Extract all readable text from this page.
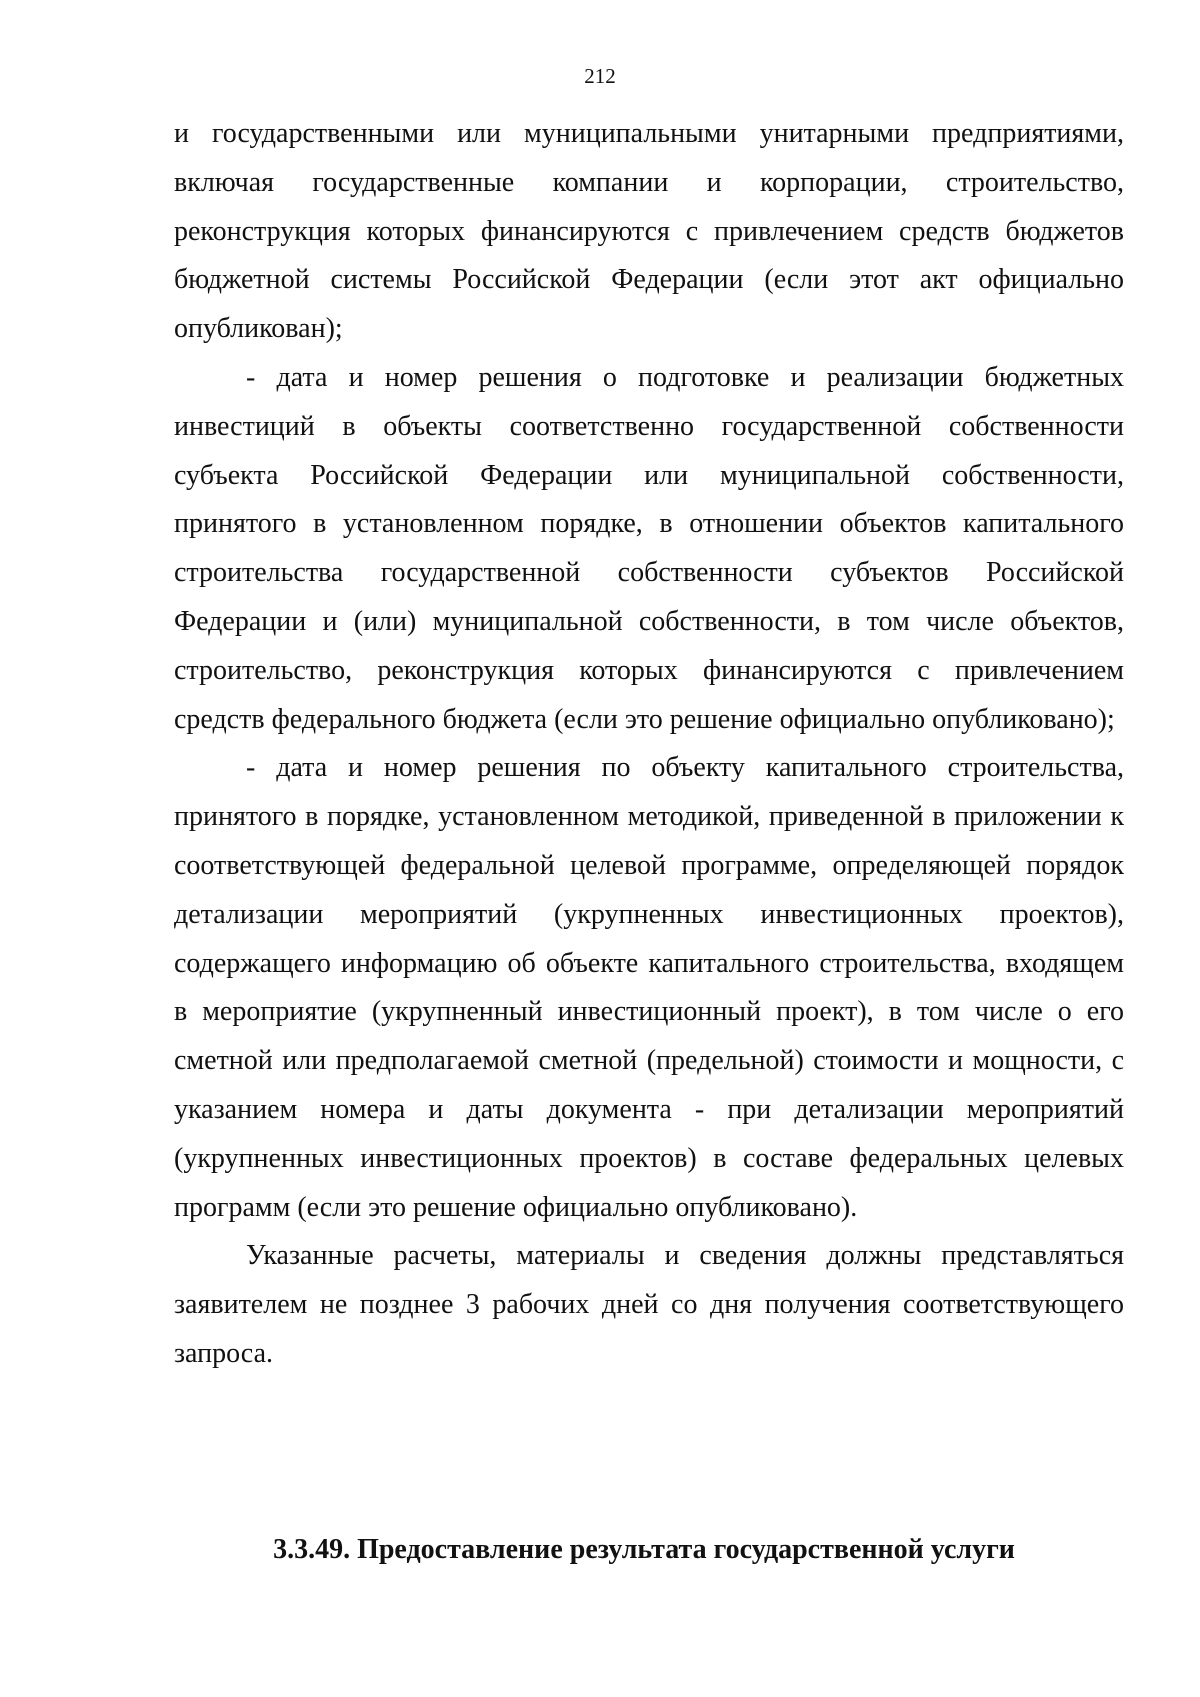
212

и государственными или муниципальными унитарными предприятиями, включая государственные компании и корпорации, строительство, реконструкция которых финансируются с привлечением средств бюджетов бюджетной системы Российской Федерации (если этот акт официально опубликован);

- дата и номер решения о подготовке и реализации бюджетных инвестиций в объекты соответственно государственной собственности субъекта Российской Федерации или муниципальной собственности, принятого в установленном порядке, в отношении объектов капитального строительства государственной собственности субъектов Российской Федерации и (или) муниципальной собственности, в том числе объектов, строительство, реконструкция которых финансируются с привлечением средств федерального бюджета (если это решение официально опубликовано);

- дата и номер решения по объекту капитального строительства, принятого в порядке, установленном методикой, приведенной в приложении к соответствующей федеральной целевой программе, определяющей порядок детализации мероприятий (укрупненных инвестиционных проектов), содержащего информацию об объекте капитального строительства, входящем в мероприятие (укрупненный инвестиционный проект), в том числе о его сметной или предполагаемой сметной (предельной) стоимости и мощности, с указанием номера и даты документа - при детализации мероприятий (укрупненных инвестиционных проектов) в составе федеральных целевых программ (если это решение официально опубликовано).

Указанные расчеты, материалы и сведения должны представляться заявителем не позднее 3 рабочих дней со дня получения соответствующего запроса.

3.3.49. Предоставление результата государственной услуги
